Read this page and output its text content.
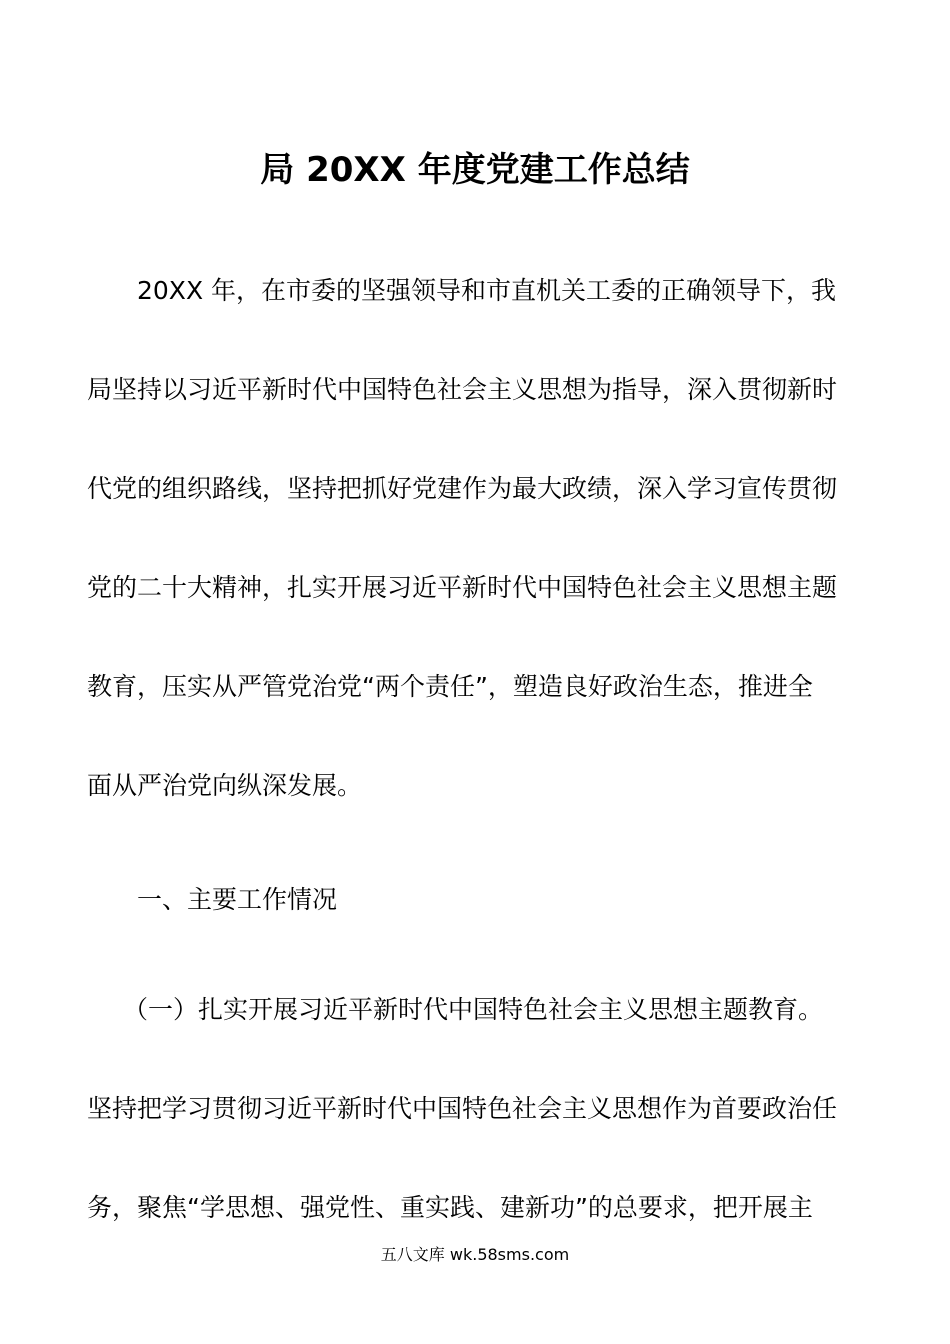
局 20XX 年度党建工作总结
20XX 年，在市委的坚强领导和市直机关工委的正确领导下，我
局坚持以习近平新时代中国特色社会主义思想为指导，深入贯彻新时
代党的组织路线，坚持把抓好党建作为最大政绩，深入学习宣传贯彻
党的二十大精神，扎实开展习近平新时代中国特色社会主义思想主题
教育，压实从严管党治党“两个责任”，塑造良好政治生态，推进全
面从严治党向纵深发展。
一、主要工作情况
（一）扎实开展习近平新时代中国特色社会主义思想主题教育。
坚持把学习贯彻习近平新时代中国特色社会主义思想作为首要政治任
务，聚焦“学思想、强党性、重实践、建新功”的总要求，把开展主
五八文库 wk.58sms.com
